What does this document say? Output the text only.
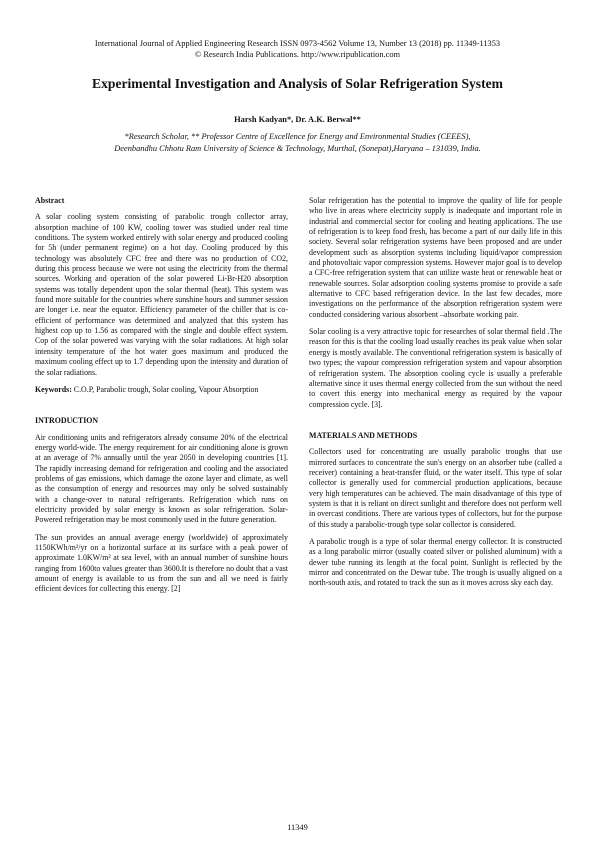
International Journal of Applied Engineering Research ISSN 0973-4562 Volume 13, Number 13 (2018) pp. 11349-11353
© Research India Publications. http://www.ripublication.com
Experimental Investigation and Analysis of Solar Refrigeration System
Harsh Kadyan*, Dr. A.K. Berwal**
*Research Scholar, ** Professor Centre of Excellence for Energy and Environmental Studies (CEEES),
Deenbandhu Chhotu Ram University of Science & Technology, Murthal, (Sonepat),Haryana – 131039, India.
Abstract

A solar cooling system consisting of parabolic trough collector array, absorption machine of 100 KW, cooling tower was studied under real time conditions. The system worked entirely with solar energy and produced cooling for 5h (under permanent regime) on a hot day. Cooling produced by this technology was absolutely CFC free and there was no production of CO2, during this process because we were not using the electricity from the thermal sources. Working and operation of the solar powered Li-Br-H20 absorption systems was totally dependent upon the solar thermal (heat). This system was found more suitable for the countries where sunshine hours and summer session are longer i.e. near the equator. Efficiency parameter of the chiller that is co-efficient of performance was determined and analyzed that this system has highest cop up to 1.56 as compared with the single and double effect system. Cop of the solar powered was varying with the solar radiations. At high solar intensity temperature of the hot water goes maximum and produced the maximum cooling effect up to 1.7 depending upon the intensity and duration of the solar radiations.

Keywords: C.O.P, Parabolic trough, Solar cooling, Vapour Absorption

INTRODUCTION

Air conditioning units and refrigerators already consume 20% of the electrical energy world-wide. The energy requirement for air conditioning alone is grown at an average of 7% annually until the year 2050 in developing countries [1]. The rapidly increasing demand for refrigeration and cooling and the associated problems of gas emissions, which damage the ozone layer and climate, as well as the consumption of energy and resources may only be solved sustainably with a change-over to natural refrigerants. Refrigeration which runs on electricity provided by solar energy is known as solar refrigeration. Solar-Powered refrigeration may be most commonly used in the future generation.

The sun provides an annual average energy (worldwide) of approximately 1150KWh/m²/yr on a horizontal surface at its surface with a peak power of approximate 1.0KW/m² at sea level, with an annual number of sunshine hours ranging from 1600to values greater than 3600.It is therefore no doubt that a vast amount of energy is available to us from the sun and all we need is fairly efficient devices for collecting this energy. [2]

Solar refrigeration has the potential to improve the quality of life for people who live in areas where electricity supply is inadequate and important role in industrial and commercial sector for cooling and heating applications. The use of refrigeration is to keep food fresh, has become a part of our daily life in this society. Several solar refrigeration systems have been proposed and are under development such as absorption systems including liquid/vapor compression and photovoltaic vapor compression systems. However major goal is to develop a CFC-free refrigeration system that can utilize waste heat or renewable heat or renewable sources. Solar adsorption cooling systems promise to provide a safe alternative to CFC based refrigeration device. In the last few decades, more investigations on the performance of the absorption refrigeration system were conducted considering various absorbent –absorbate working pair.

Solar cooling is a very attractive topic for researches of solar thermal field .The reason for this is that the cooling load usually reaches its peak value when solar energy is mostly available. The conventional refrigeration system is basically of two types; the vapour compression refrigeration system and vapour absorption of refrigeration system. The absorption cooling cycle is usually a preferable alternative since it uses thermal energy collected from the sun without the need to covert this energy into mechanical energy as required by the vapour compression cycle. [3].

MATERIALS AND METHODS

Collectors used for concentrating are usually parabolic troughs that use mirrored surfaces to concentrate the sun's energy on an absorber tube (called a receiver) containing a heat-transfer fluid, or the water itself. This type of solar collector is generally used for commercial production applications, because very high temperatures can be achieved. The main disadvantage of this type of system is that it is reliant on direct sunlight and therefore does not perform well in overcast conditions. There are various types of collectors, but for the purpose of this study a parabolic-trough type solar collector is considered.

A parabolic trough is a type of solar thermal energy collector. It is constructed as a long parabolic mirror (usually coated silver or polished aluminum) with a dewer tube running its length at the focal point. Sunlight is reflected by the mirror and concentrated on the Dewar tube. The trough is usually aligned on a north-south axis, and rotated to track the sun as it moves across sky each day.

11349
